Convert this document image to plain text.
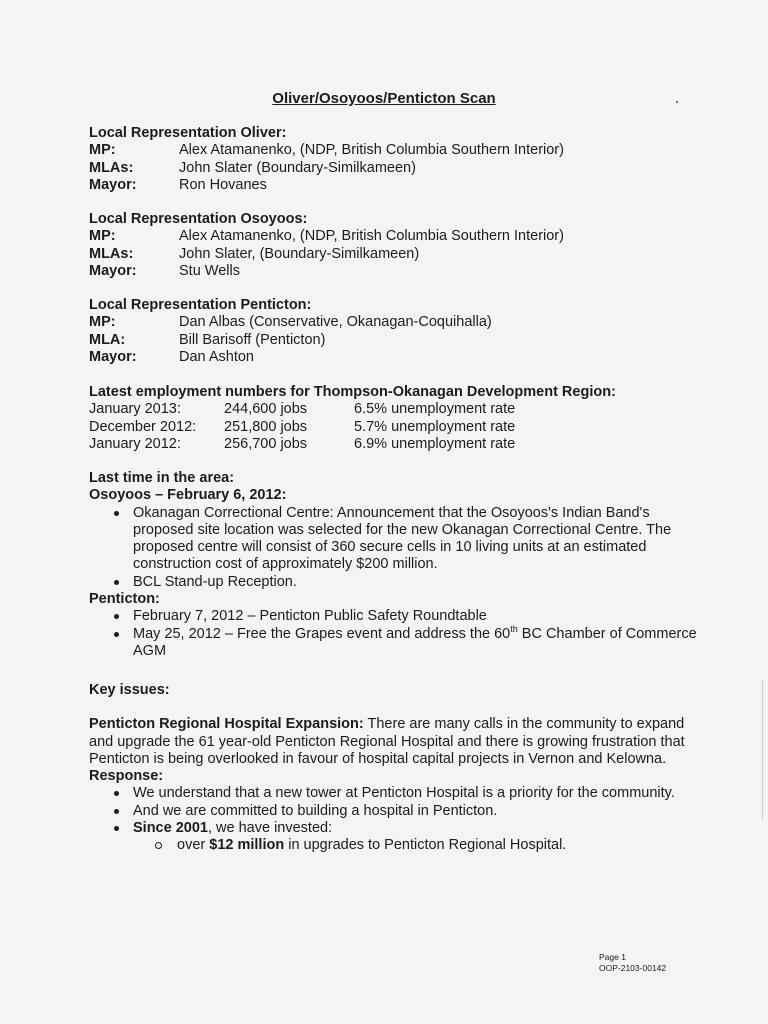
Oliver/Osoyoos/Penticton Scan
Local Representation Oliver:
MP:	Alex Atamanenko, (NDP, British Columbia Southern Interior)
MLAs:	John Slater (Boundary-Similkameen)
Mayor:	Ron Hovanes
Local Representation Osoyoos:
MP:	Alex Atamanenko, (NDP, British Columbia Southern Interior)
MLAs:	John Slater, (Boundary-Similkameen)
Mayor:	Stu Wells
Local Representation Penticton:
MP:	Dan Albas (Conservative, Okanagan-Coquihalla)
MLA:	Bill Barisoff (Penticton)
Mayor:	Dan Ashton
Latest employment numbers for Thompson-Okanagan Development Region:
January 2013:	244,600 jobs	6.5% unemployment rate
December 2012:	251,800 jobs	5.7% unemployment rate
January 2012:	256,700 jobs	6.9% unemployment rate
Last time in the area:
Osoyoos – February 6, 2012:
Okanagan Correctional Centre: Announcement that the Osoyoos's Indian Band's proposed site location was selected for the new Okanagan Correctional Centre. The proposed centre will consist of 360 secure cells in 10 living units at an estimated construction cost of approximately $200 million.
BCL Stand-up Reception.
Penticton:
February 7, 2012 – Penticton Public Safety Roundtable
May 25, 2012 – Free the Grapes event and address the 60th BC Chamber of Commerce AGM
Key issues:
Penticton Regional Hospital Expansion: There are many calls in the community to expand and upgrade the 61 year-old Penticton Regional Hospital and there is growing frustration that Penticton is being overlooked in favour of hospital capital projects in Vernon and Kelowna.
Response:
We understand that a new tower at Penticton Hospital is a priority for the community.
And we are committed to building a hospital in Penticton.
Since 2001, we have invested:
over $12 million in upgrades to Penticton Regional Hospital.
Page 1
OOP-2103-00142
